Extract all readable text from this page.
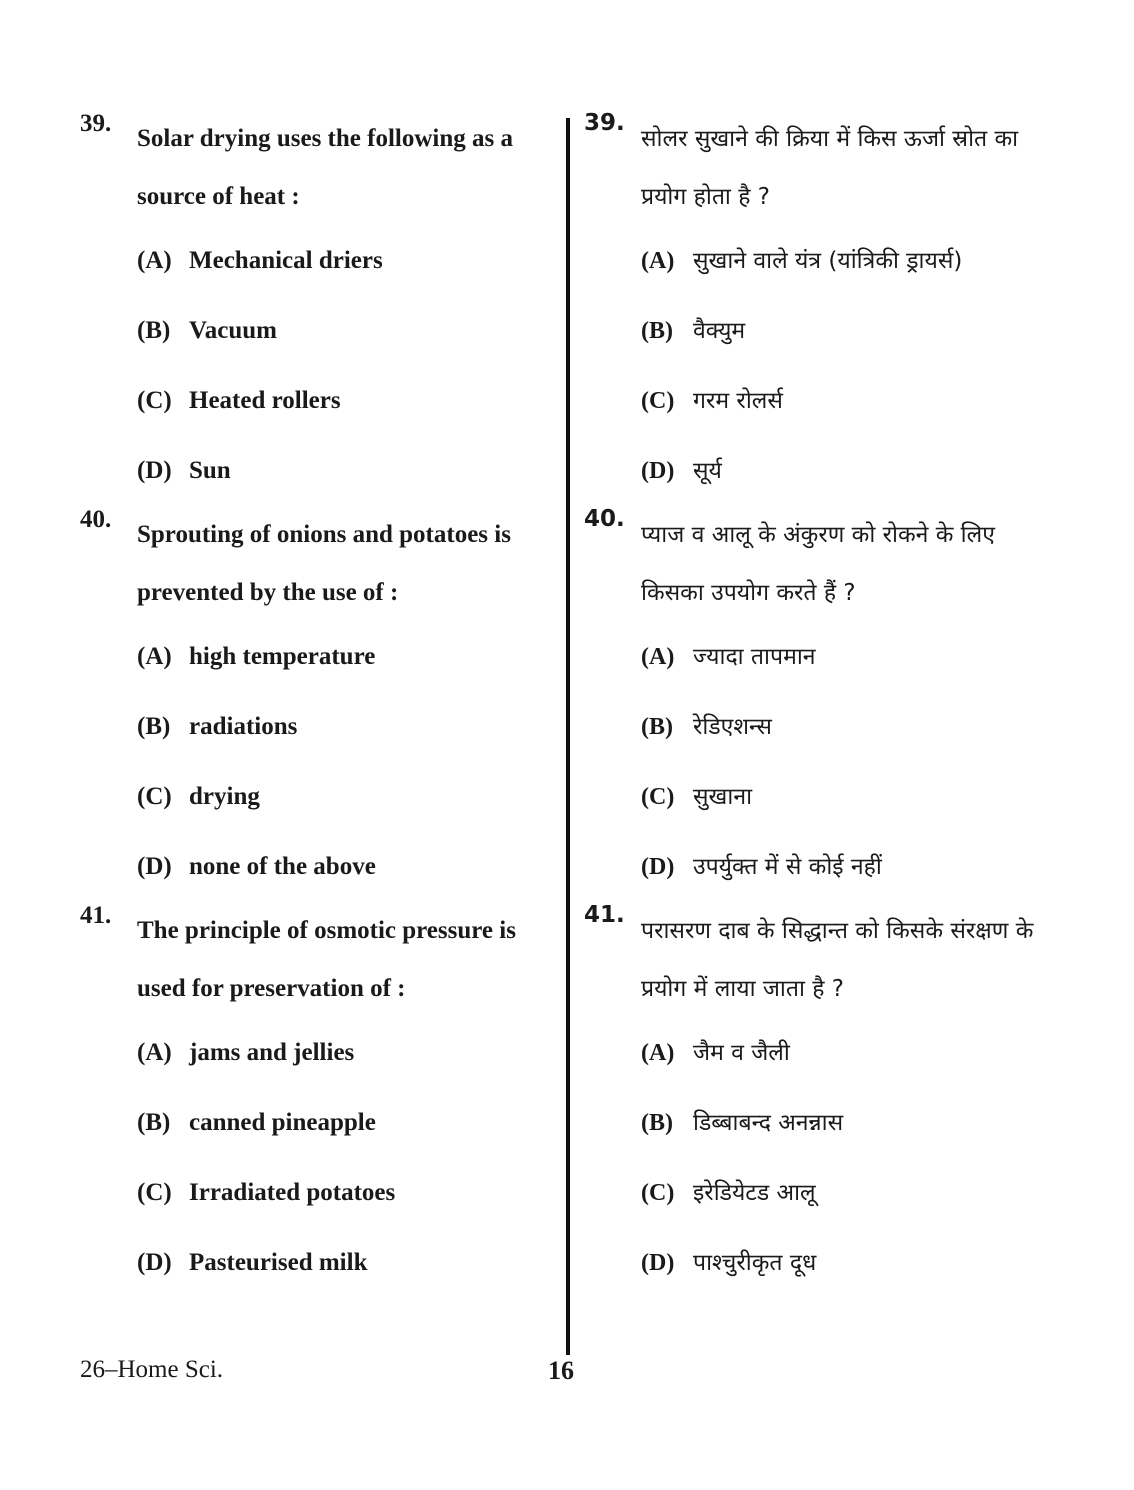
39.
Solar drying uses the following as a source of heat :
(A) Mechanical driers
(B) Vacuum
(C) Heated rollers
(D) Sun
40.
Sprouting of onions and potatoes is prevented by the use of :
(A) high temperature
(B) radiations
(C) drying
(D) none of the above
41.
The principle of osmotic pressure is used for preservation of :
(A) jams and jellies
(B) canned pineapple
(C) Irradiated potatoes
(D) Pasteurised milk
39.
सोलर सुखाने की क्रिया में किस ऊर्जा स्रोत का प्रयोग होता है ?
(A) सुखाने वाले यंत्र (यांत्रिकी ड्रायर्स)
(B) वैक्युम
(C) गरम रोलर्स
(D) सूर्य
40.
प्याज व आलू के अंकुरण को रोकने के लिए किसका उपयोग करते हैं ?
(A) ज्यादा तापमान
(B) रेडिएशन्स
(C) सुखाना
(D) उपर्युक्त में से कोई नहीं
41.
परासरण दाब के सिद्धान्त को किसके संरक्षण के प्रयोग में लाया जाता है ?
(A) जैम व जैली
(B) डिब्बाबन्द अनन्नास
(C) इरेडियेटड आलू
(D) पाश्चुरीकृत दूध
26–Home Sci.	16
